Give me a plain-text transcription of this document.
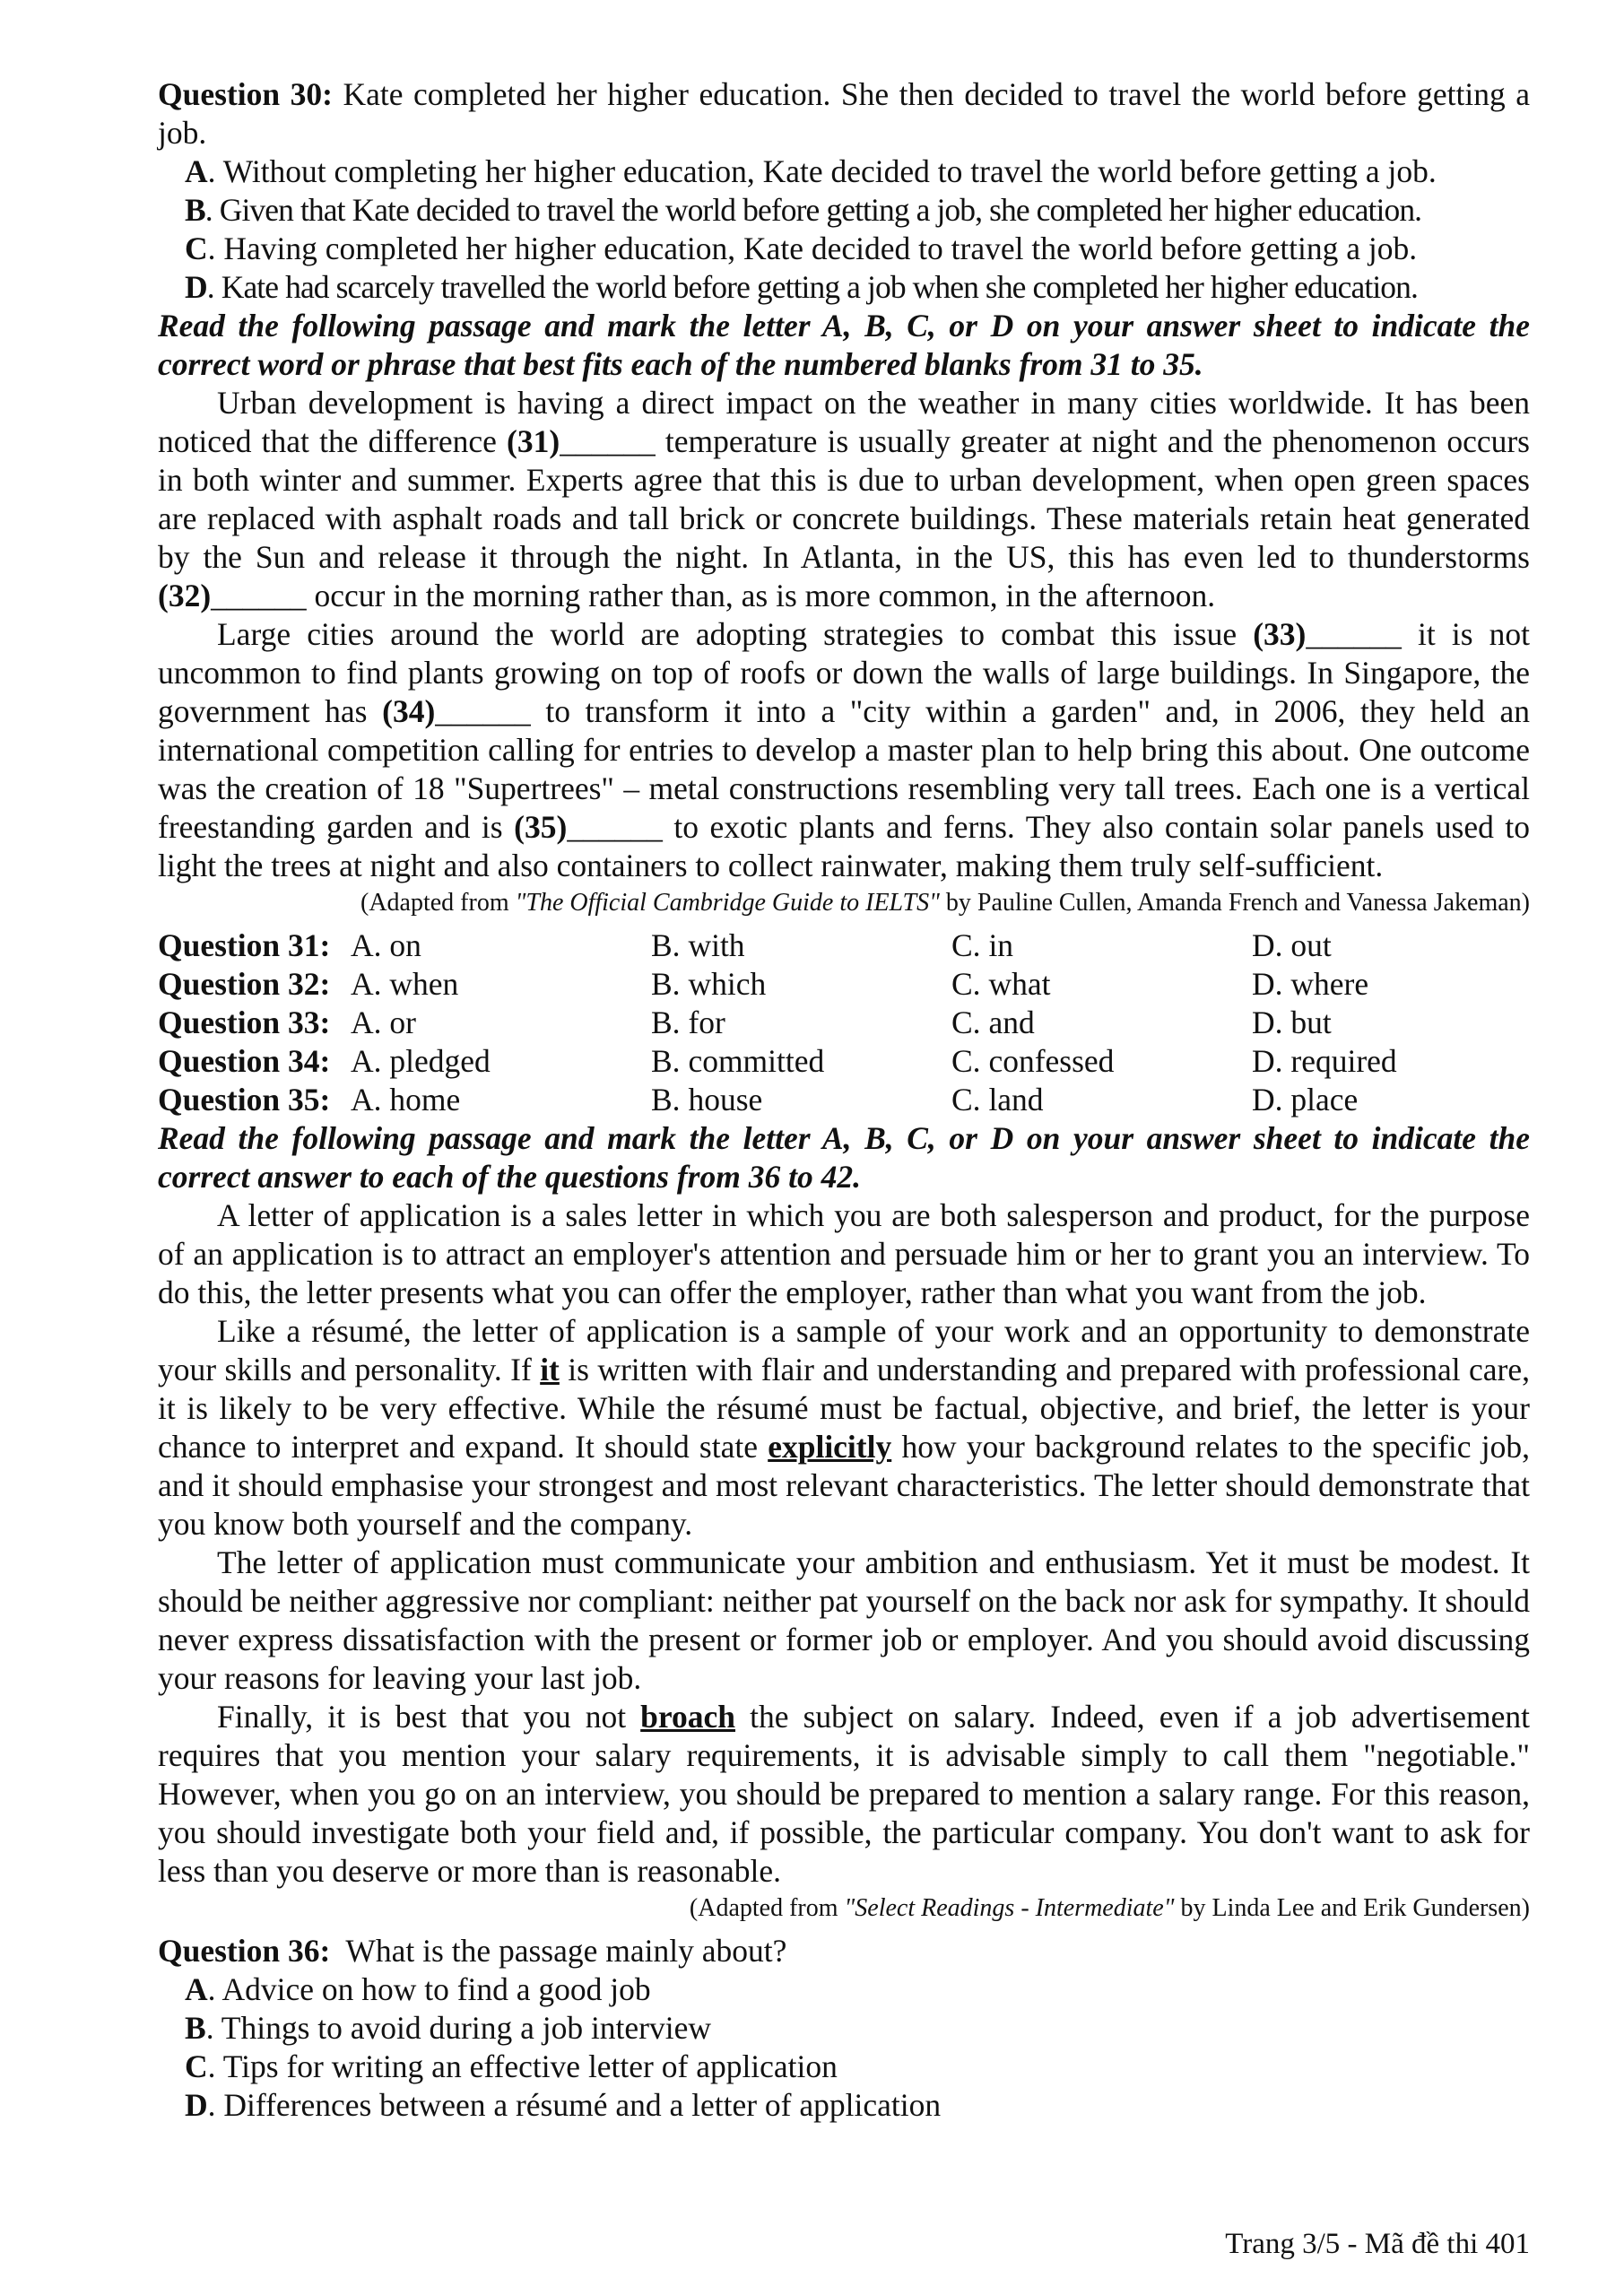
Question 30: Kate completed her higher education. She then decided to travel the world before getting a job.
A. Without completing her higher education, Kate decided to travel the world before getting a job.
B. Given that Kate decided to travel the world before getting a job, she completed her higher education.
C. Having completed her higher education, Kate decided to travel the world before getting a job.
D. Kate had scarcely travelled the world before getting a job when she completed her higher education.
Read the following passage and mark the letter A, B, C, or D on your answer sheet to indicate the correct word or phrase that best fits each of the numbered blanks from 31 to 35.
Urban development is having a direct impact on the weather in many cities worldwide. It has been noticed that the difference (31)______ temperature is usually greater at night and the phenomenon occurs in both winter and summer. Experts agree that this is due to urban development, when open green spaces are replaced with asphalt roads and tall brick or concrete buildings. These materials retain heat generated by the Sun and release it through the night. In Atlanta, in the US, this has even led to thunderstorms (32)______ occur in the morning rather than, as is more common, in the afternoon.
Large cities around the world are adopting strategies to combat this issue (33)______ it is not uncommon to find plants growing on top of roofs or down the walls of large buildings. In Singapore, the government has (34)______ to transform it into a "city within a garden" and, in 2006, they held an international competition calling for entries to develop a master plan to help bring this about. One outcome was the creation of 18 "Supertrees" – metal constructions resembling very tall trees. Each one is a vertical freestanding garden and is (35)______ to exotic plants and ferns. They also contain solar panels used to light the trees at night and also containers to collect rainwater, making them truly self-sufficient.
(Adapted from "The Official Cambridge Guide to IELTS" by Pauline Cullen, Amanda French and Vanessa Jakeman)
Question 31: A. on	B. with	C. in	D. out
Question 32: A. when	B. which	C. what	D. where
Question 33: A. or	B. for	C. and	D. but
Question 34: A. pledged	B. committed	C. confessed	D. required
Question 35: A. home	B. house	C. land	D. place
Read the following passage and mark the letter A, B, C, or D on your answer sheet to indicate the correct answer to each of the questions from 36 to 42.
A letter of application is a sales letter in which you are both salesperson and product, for the purpose of an application is to attract an employer's attention and persuade him or her to grant you an interview. To do this, the letter presents what you can offer the employer, rather than what you want from the job.
Like a résumé, the letter of application is a sample of your work and an opportunity to demonstrate your skills and personality. If it is written with flair and understanding and prepared with professional care, it is likely to be very effective. While the résumé must be factual, objective, and brief, the letter is your chance to interpret and expand. It should state explicitly how your background relates to the specific job, and it should emphasise your strongest and most relevant characteristics. The letter should demonstrate that you know both yourself and the company.
The letter of application must communicate your ambition and enthusiasm. Yet it must be modest. It should be neither aggressive nor compliant: neither pat yourself on the back nor ask for sympathy. It should never express dissatisfaction with the present or former job or employer. And you should avoid discussing your reasons for leaving your last job.
Finally, it is best that you not broach the subject on salary. Indeed, even if a job advertisement requires that you mention your salary requirements, it is advisable simply to call them "negotiable." However, when you go on an interview, you should be prepared to mention a salary range. For this reason, you should investigate both your field and, if possible, the particular company. You don't want to ask for less than you deserve or more than is reasonable.
(Adapted from "Select Readings - Intermediate" by Linda Lee and Erik Gundersen)
Question 36: What is the passage mainly about?
A. Advice on how to find a good job
B. Things to avoid during a job interview
C. Tips for writing an effective letter of application
D. Differences between a résumé and a letter of application
Trang 3/5 - Mã đề thi 401
